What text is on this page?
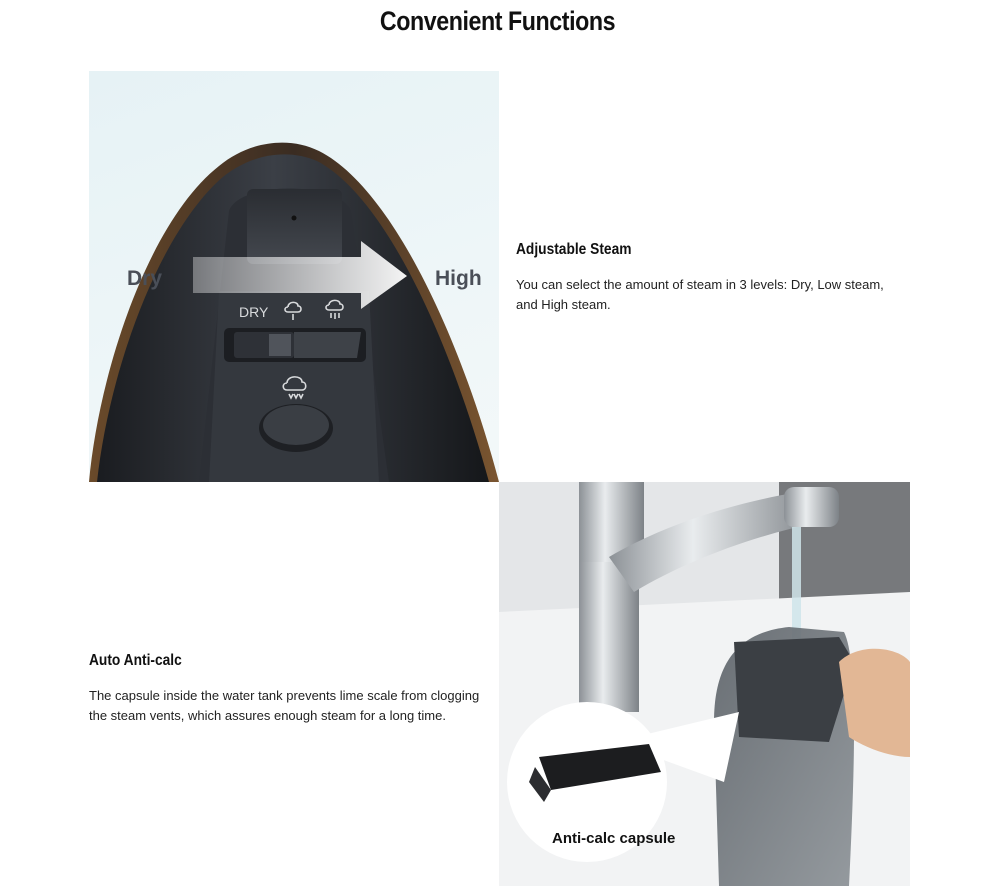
Convenient Functions
Dry	High
DRY
Adjustable Steam
You can select the amount of steam in 3 levels: Dry, Low steam, and High steam.
Anti-calc capsule
Auto Anti-calc
The capsule inside the water tank prevents lime scale from clogging the steam vents, which assures enough steam for a long time.
